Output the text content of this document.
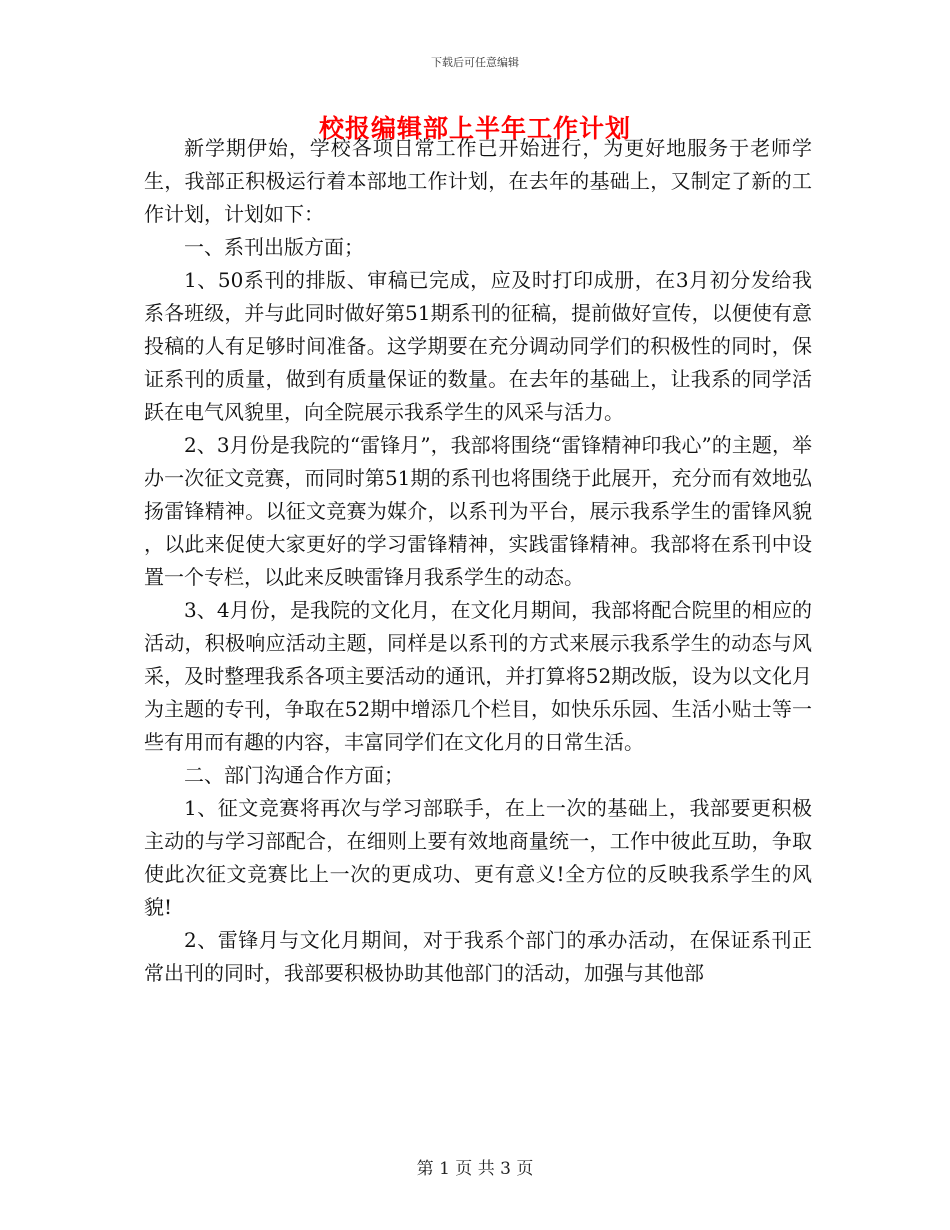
下载后可任意编辑
校报编辑部上半年工作计划

新学期伊始，学校各项日常工作已开始进行，为更好地服务于老师学生，我部正积极运行着本部地工作计划，在去年的基础上，又制定了新的工作计划，计划如下：

一、系刊出版方面；

1、50系刊的排版、审稿已完成，应及时打印成册，在3月初分发给我系各班级，并与此同时做好第51期系刊的征稿，提前做好宣传，以便使有意投稿的人有足够时间准备。这学期要在充分调动同学们的积极性的同时，保证系刊的质量，做到有质量保证的数量。在去年的基础上，让我系的同学活跃在电气风貌里，向全院展示我系学生的风采与活力。

2、3月份是我院的“雷锋月”，我部将围绕“雷锋精神印我心”的主题，举办一次征文竞赛，而同时第51期的系刊也将围绕于此展开，充分而有效地弘扬雷锋精神。以征文竞赛为媒介，以系刊为平台，展示我系学生的雷锋风貌 ，以此来促使大家更好的学习雷锋精神，实践雷锋精神。我部将在系刊中设置一个专栏，以此来反映雷锋月我系学生的动态。

3、4月份，是我院的文化月，在文化月期间，我部将配合院里的相应的活动，积极响应活动主题，同样是以系刊的方式来展示我系学生的动态与风采，及时整理我系各项主要活动的通讯，并打算将52期改版，设为以文化月为主题的专刊，争取在52期中增添几个栏目，如快乐乐园、生活小贴士等一些有用而有趣的内容，丰富同学们在文化月的日常生活。

二、部门沟通合作方面；

1、征文竞赛将再次与学习部联手，在上一次的基础上，我部要更积极主动的与学习部配合，在细则上要有效地商量统一，工作中彼此互助，争取使此次征文竞赛比上一次的更成功、更有意义!全方位的反映我系学生的风貌!

2、雷锋月与文化月期间，对于我系个部门的承办活动，在保证系刊正常出刊的同时，我部要积极协助其他部门的活动，加强与其他部

第 1 页 共 3 页
